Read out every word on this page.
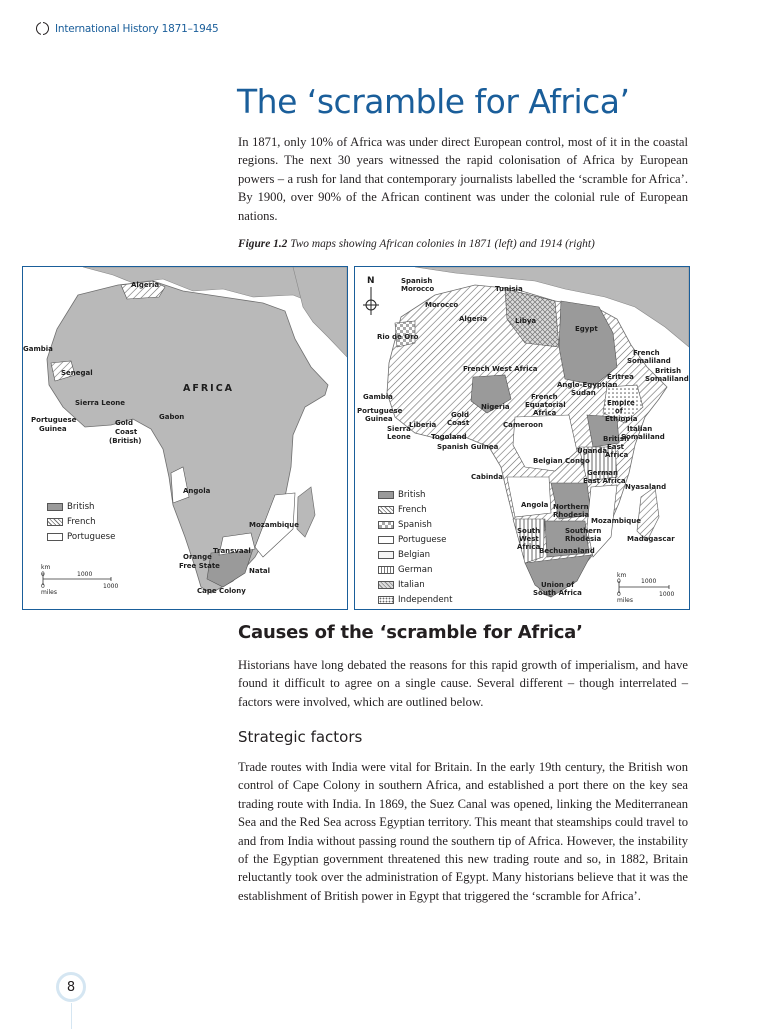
International History 1871–1945
The ‘scramble for Africa’

In 1871, only 10% of Africa was under direct European control, most of it in the coastal regions. The next 30 years witnessed the rapid colonisation of Africa by European powers – a rush for land that contemporary journalists labelled the ‘scramble for Africa’. By 1900, over 90% of the African continent was under the colonial rule of European nations.

Figure 1.2 Two maps showing African colonies in 1871 (left) and 1914 (right)

Algeria
Gambia
Senegal
Sierra Leone
Portuguese
Guinea
Gold
Coast
(British)
Gabon
Angola
Mozambique
Transvaal
Orange
Free State
Natal
Cape Colony
AFRICA
km
0	1000
0	1000
miles
British
French
Portuguese
N	Spanish
Morocco	Tunisia
Morocco
Algeria	Libya
Egypt
Rio de Oro
French
Somaliland
British
Somaliland
French West Africa
Eritrea
Anglo-Egyptian
Sudan
Gambia
Portuguese
Guinea
Nigeria
French
Equatorial
Africa
Empire
of
Ethiopia
Gold
Coast
Liberia
Sierra
Leone
Cameroon	Italian
Somaliland
Togoland
Spanish Guinea	Uganda
British
East
Africa
Belgian Congo
German
East Africa
Cabinda
Nyasaland
Angola Northern
Rhodesia
Mozambique
South
West
Africa
Southern
Rhodesia	Madagascar
Bechuanaland
Union of
South Africa
km
0	1000
0	1000
miles
British
French
Spanish
Portuguese
Belgian
German
Italian
Independent
Causes of the ‘scramble for Africa’

Historians have long debated the reasons for this rapid growth of imperialism, and have found it difficult to agree on a single cause. Several different – though interrelated – factors were involved, which are outlined below.

Strategic factors

Trade routes with India were vital for Britain. In the early 19th century, the British won control of Cape Colony in southern Africa, and established a port there on the key sea trading route with India. In 1869, the Suez Canal was opened, linking the Mediterranean Sea and the Red Sea across Egyptian territory. This meant that steamships could travel to and from India without passing round the southern tip of Africa. However, the instability of the Egyptian government threatened this new trading route and so, in 1882, Britain reluctantly took over the administration of Egypt. Many historians believe that it was the establishment of British power in Egypt that triggered the ‘scramble for Africa’.

8
